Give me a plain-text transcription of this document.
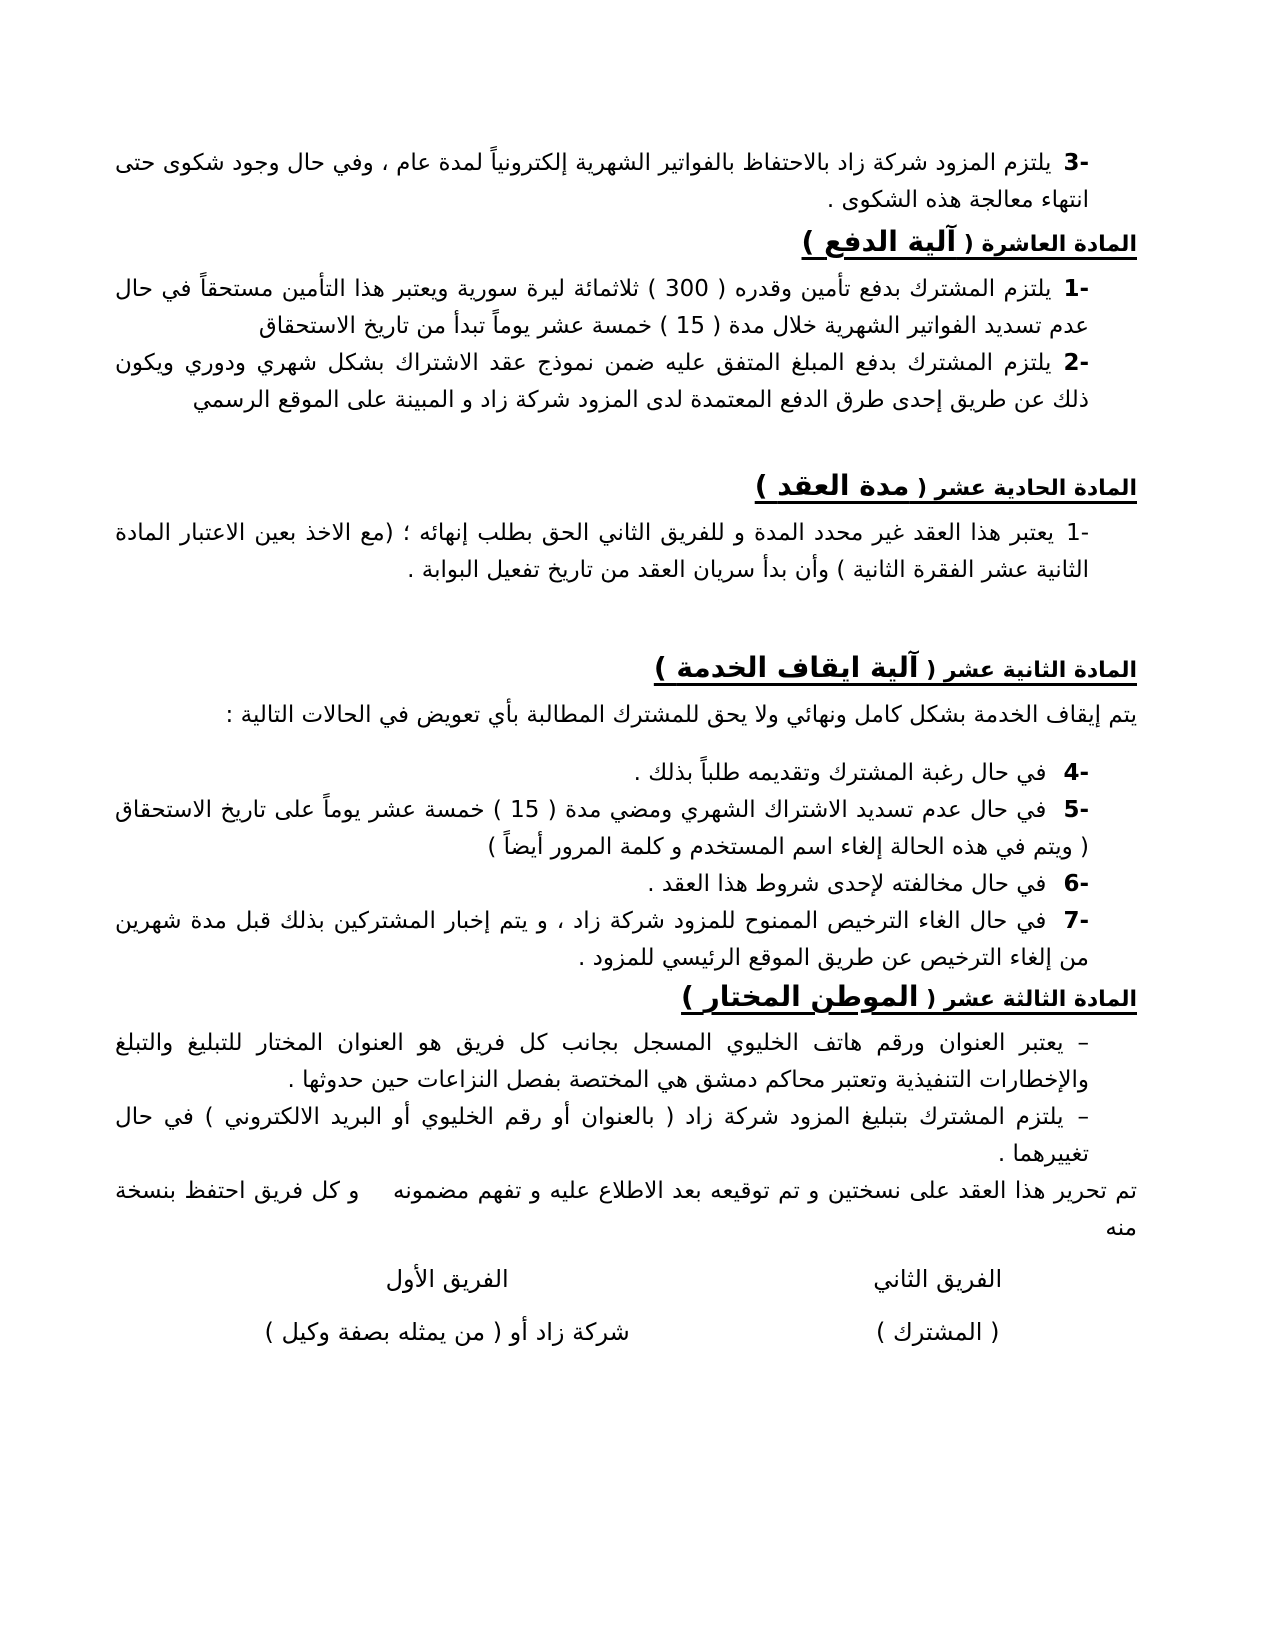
3-يلتزم المزود شركة زاد بالاحتفاظ بالفواتير الشهرية إلكترونياً لمدة عام ، وفي حال وجود شكوى حتى انتهاء معالجة هذه الشكوى .
المادة العاشرة ( آلية الدفع )
1-يلتزم المشترك بدفع تأمين وقدره ( 300 ) ثلاثمائة ليرة سورية ويعتبر هذا التأمين مستحقاً في حال عدم تسديد الفواتير الشهرية خلال مدة ( 15 ) خمسة عشر يوماً تبدأ من تاريخ الاستحقاق
2-يلتزم المشترك بدفع المبلغ المتفق عليه ضمن نموذج عقد الاشتراك بشكل شهري ودوري ويكون ذلك عن طريق إحدى طرق الدفع المعتمدة لدى المزود شركة زاد و المبينة على الموقع الرسمي
المادة الحادية عشر ( مدة العقد )
1-يعتبر هذا العقد غير محدد المدة و للفريق الثاني الحق بطلب إنهائه ؛ (مع الاخذ بعين الاعتبار المادة الثانية عشر الفقرة الثانية ) وأن بدأ سريان العقد من تاريخ تفعيل البوابة .
المادة الثانية عشر ( آلية ايقاف الخدمة )
يتم إيقاف الخدمة بشكل كامل ونهائي ولا يحق للمشترك المطالبة بأي تعويض في الحالات التالية :
4-في حال رغبة المشترك وتقديمه طلباً بذلك .
5-في حال عدم تسديد الاشتراك الشهري ومضي مدة ( 15 ) خمسة عشر يوماً على تاريخ الاستحقاق ( ويتم في هذه الحالة إلغاء اسم المستخدم و كلمة المرور أيضاً )
6-في حال مخالفته لإحدى شروط هذا العقد .
7-في حال الغاء الترخيص الممنوح للمزود شركة زاد ، و يتم إخبار المشتركين بذلك قبل مدة شهرين من إلغاء الترخيص عن طريق الموقع الرئيسي للمزود .
المادة الثالثة عشر ( الموطن المختار )
–يعتبر العنوان ورقم هاتف الخليوي المسجل بجانب كل فريق هو العنوان المختار للتبليغ والتبلغ والإخطارات التنفيذية وتعتبر محاكم دمشق هي المختصة بفصل النزاعات حين حدوثها .
–يلتزم المشترك بتبليغ المزود شركة زاد ( بالعنوان أو رقم الخليوي أو البريد الالكتروني ) في حال تغييرهما .
تم تحرير هذا العقد على نسختين و تم توقيعه بعد الاطلاع عليه و تفهم مضمونه    و كل فريق احتفظ بنسخة
منه
الفريق الثاني
الفريق الأول
( المشترك )
شركة زاد أو ( من يمثله بصفة وكيل )
